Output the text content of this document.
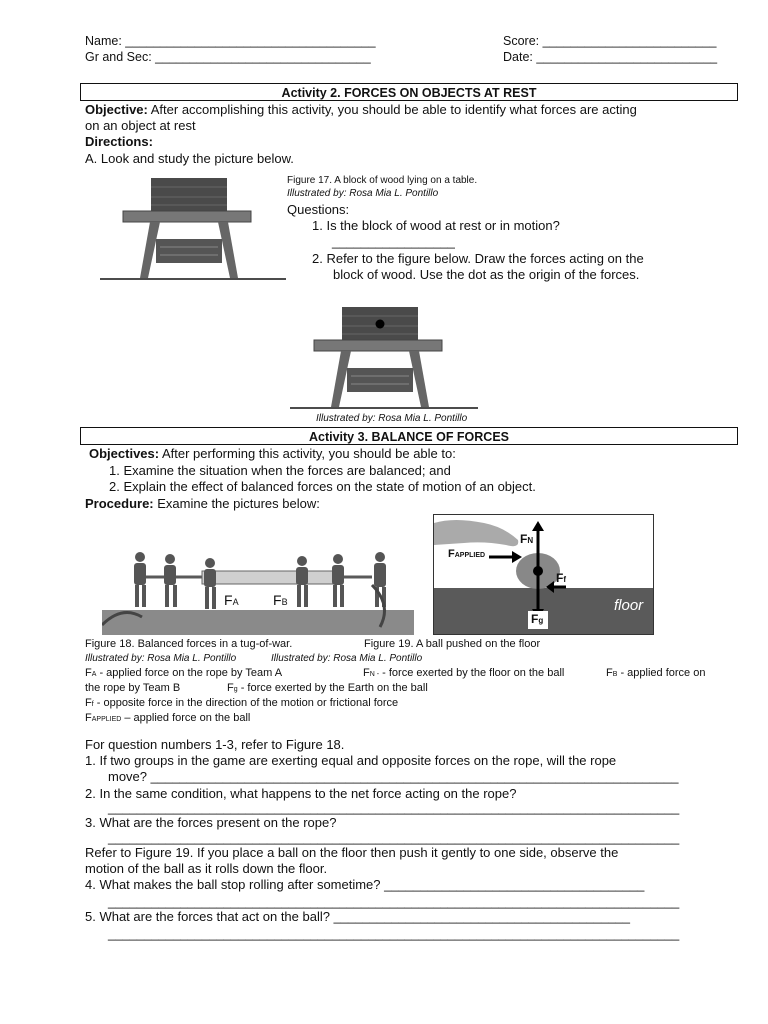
Name: ____________________________________	Score: _________________________
Gr and Sec: _______________________________	Date: __________________________
Activity 2. FORCES ON OBJECTS AT REST
Objective: After accomplishing this activity, you should be able to identify what forces are acting
on an object at rest
Directions:
A. Look and study the picture below.
Figure 17. A block of wood lying on a table.
Illustrated by: Rosa Mia L. Pontillo
Questions:
1. Is the block of wood at rest or in motion?
_________________
2. Refer to the figure below. Draw the forces acting on the
block of wood. Use the dot as the origin of the forces.
Illustrated by: Rosa Mia L. Pontillo
Activity 3. BALANCE OF FORCES
Objectives: After performing this activity, you should be able to:
1. Examine the situation when the forces are balanced; and
2. Explain the effect of balanced forces on the state of motion of an object.
Procedure: Examine the pictures below:
FA FB
FN
FAPPLIED
Ff
Fg
floor
Figure 18. Balanced forces in a tug-of-war.	Figure 19. A ball pushed on the floor
Illustrated by: Rosa Mia L. Pontillo	Illustrated by: Rosa Mia L. Pontillo
FA - applied force on the rope by Team A	FN - - force exerted by the floor on the ball	FB - applied force on
the rope by Team B	Fg - force exerted by the Earth on the ball
Ff - opposite force in the direction of the motion or frictional force
FAPPLIED – applied force on the ball
For question numbers 1-3, refer to Figure 18.
1. If two groups in the game are exerting equal and opposite forces on the rope, will the rope
move? _________________________________________________________________________
2. In the same condition, what happens to the net force acting on the rope?
_______________________________________________________________________________
3. What are the forces present on the rope?
_______________________________________________________________________________
Refer to Figure 19. If you place a ball on the floor then push it gently to one side, observe the
motion of the ball as it rolls down the floor.
4. What makes the ball stop rolling after sometime? ____________________________________
_______________________________________________________________________________
5. What are the forces that act on the ball? _________________________________________
_______________________________________________________________________________
